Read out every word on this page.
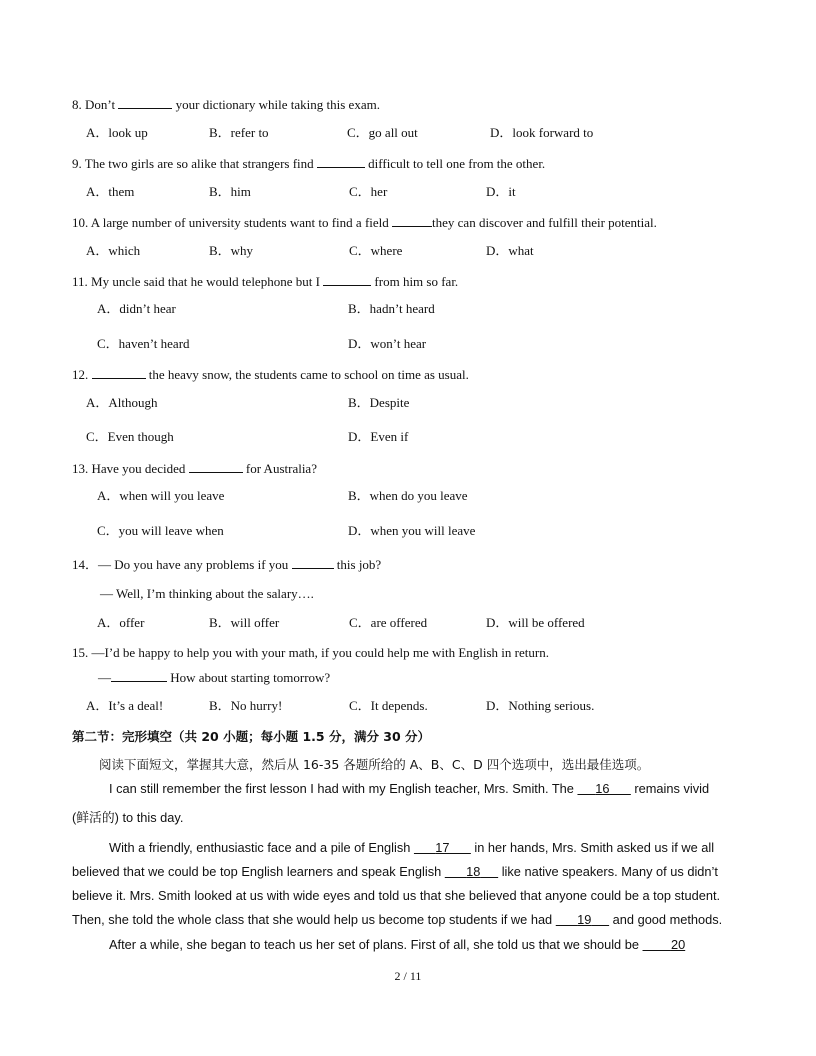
8. Don’t	your dictionary while taking this exam.
A．look up	B．refer to	C．go all out	D．look forward to
9. The two girls are so alike that strangers find	difficult to tell one from the other.
A．them	B．him	C．her	D．it
10. A large number of university students want to find a field	they can discover and fulfill their potential.
A．which	B．why	C．where	D．what
11. My uncle said that he would telephone but I	from him so far.
A．didn’t hear	B．hadn’t heard
C．haven’t heard	D．won’t hear
12.	the heavy snow, the students came to school on time as usual.
A．Although	B．Despite
C．Even though	D．Even if
13. Have you decided	for Australia?
A．when will you leave	B．when do you leave
C．you will leave when	D．when you will leave
14．— Do you have any problems if you	this job?
— Well, I’m thinking about the salary….
A．offer	B．will offer	C．are offered	D．will be offered
15. —I’d be happy to help you with your math, if you could help me with English in return.
—	How about starting tomorrow?
A．It’s a deal!	B．No hurry!	C．It depends.	D．Nothing serious.
第二节：完形填空（共 20 小题；每小题 1.5 分，满分 30 分）
阅读下面短文，掌握其大意，然后从 16-35 各题所给的 A、B、C、D 四个选项中，选出最佳选项。
I can still remember the first lesson I had with my English teacher, Mrs. Smith. The 16 remains vivid
(鲜活的) to this day.
With a friendly, enthusiastic face and a pile of English 17 in her hands, Mrs. Smith asked us if we all
believed that we could be top English learners and speak English 18 like native speakers. Many of us didn’t
believe it. Mrs. Smith looked at us with wide eyes and told us that she believed that anyone could be a top student.
Then, she told the whole class that she would help us become top students if we had 19 and good methods.
After a while, she began to teach us her set of plans. First of all, she told us that we should be	20
2 / 11
